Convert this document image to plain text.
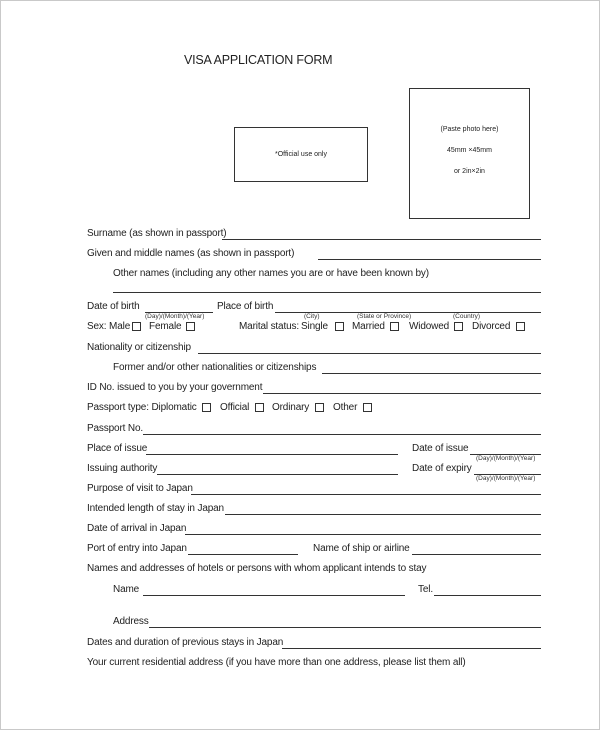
VISA APPLICATION FORM
*Official use only
(Paste photo here)
45mm ×45mm
or 2in×2in
Surname (as shown in passport)
Given and middle names (as shown in passport)
Other names (including any other names you are or have been known by)
(Day)/(Month)/(Year)
Date of birth	Place of birth
(City)	(State or Province)	(Country)
Sex: Male Female	Marital status: Single Married Widowed Divorced
Nationality or citizenship
Former and/or other nationalities or citizenships
ID No. issued to you by your government
Passport type: Diplomatic Official Ordinary Other
Passport No.
Place of issue	Date of issue
(Day)/(Month)/(Year)
Issuing authority	Date of expiry
(Day)/(Month)/(Year)
Purpose of visit to Japan
Intended length of stay in Japan
Date of arrival in Japan
Port of entry into Japan	Name of ship or airline
Names and addresses of hotels or persons with whom applicant intends to stay
Name	Tel.
Address
Dates and duration of previous stays in Japan
Your current residential address (if you have more than one address, please list them all)
